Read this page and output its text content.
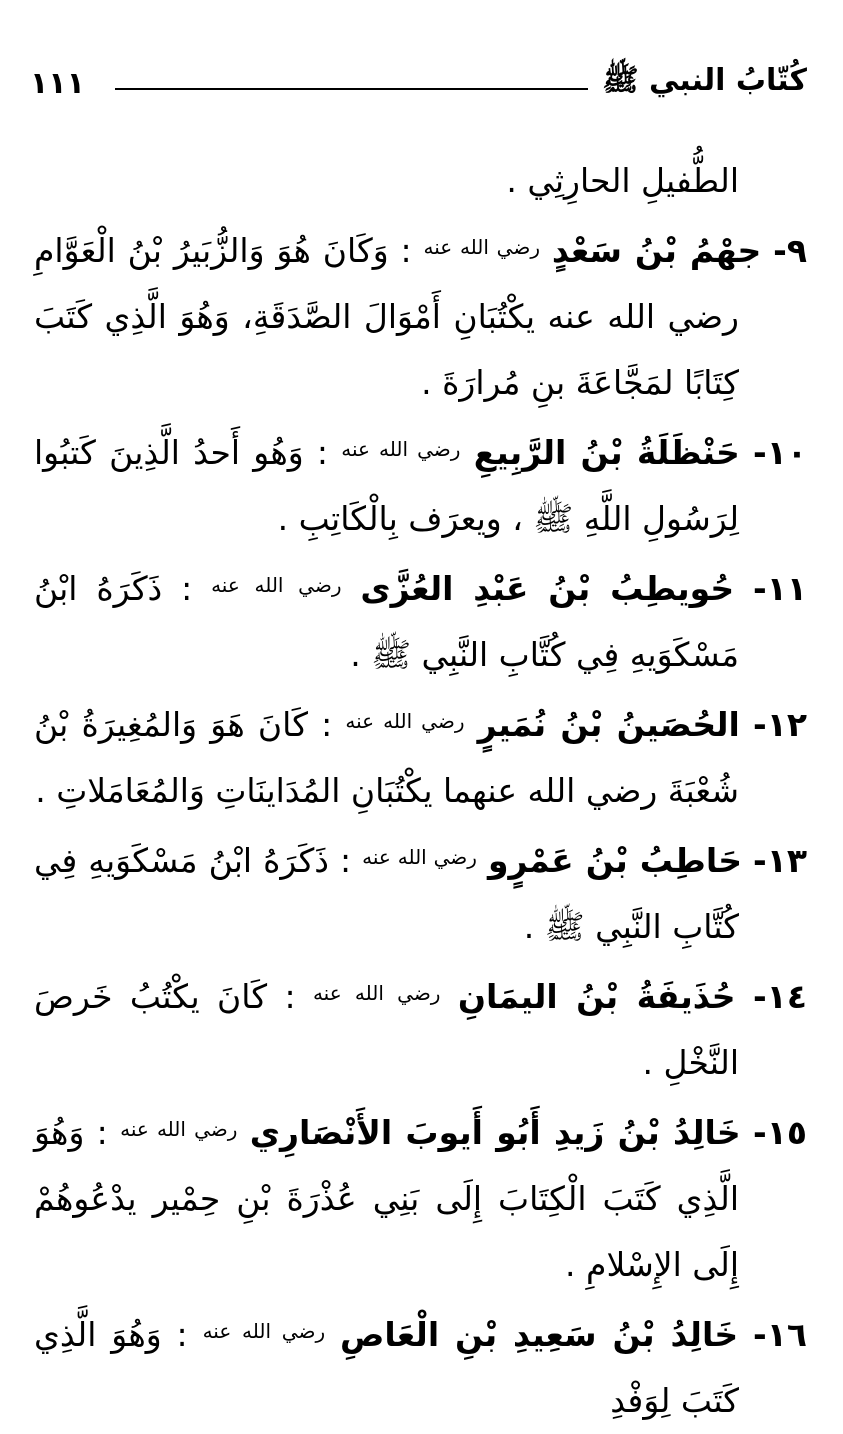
كُتّابُ النبي ﷺ
١١١

الطُّفيلِ الحارِثِي .

٩- جهْمُ بْنُ سَعْدٍ $^{رضي الله عنه}$ : وَكَانَ هُوَ وَالزُّبَيرُ بْنُ الْعَوَّامِ رضي الله عنه يكْتُبَانِ أَمْوَالَ الصَّدَقَةِ، وَهُوَ الَّذِي كَتَبَ كِتَابًا لمَجَّاعَةَ بنِ مُرارَةَ .

١٠- حَنْظَلَةُ بْنُ الرَّبِيعِ $^{رضي الله عنه}$ : وَهُو أَحدُ الَّذِينَ كَتبُوا لِرَسُولِ اللَّهِ ﷺ ، ويعرَف بِالْكَاتِبِ .

١١- حُويطِبُ بْنُ عَبْدِ العُزَّى $^{رضي الله عنه}$ : ذَكَرَهُ ابْنُ مَسْكَوَيهِ فِي كُتَّابِ النَّبِي ﷺ .

١٢- الحُصَينُ بْنُ نُمَيرٍ $^{رضي الله عنه}$ : كَانَ هَوَ وَالمُغِيرَةُ بْنُ شُعْبَةَ رضي الله عنهما يكْتُبَانِ المُدَاينَاتِ وَالمُعَامَلاتِ .

١٣- حَاطِبُ بْنُ عَمْرٍو $^{رضي الله عنه}$ : ذَكَرَهُ ابْنُ مَسْكَوَيهِ فِي كُتَّابِ النَّبِي ﷺ .

١٤- حُذَيفَةُ بْنُ اليمَانِ $^{رضي الله عنه}$ : كَانَ يكْتُبُ خَرصَ النَّخْلِ .

١٥- خَالِدُ بْنُ زَيدِ أَبُو أَيوبَ الأَنْصَارِي $^{رضي الله عنه}$ : وَهُوَ الَّذِي كَتَبَ الْكِتَابَ إِلَى بَنِي عُذْرَةَ بْنِ حِمْير يدْعُوهُمْ إِلَى الإِسْلامِ .

١٦- خَالِدُ بْنُ سَعِيدِ بْنِ الْعَاصِ $^{رضي الله عنه}$ : وَهُوَ الَّذِي كَتَبَ لِوَفْدِ
